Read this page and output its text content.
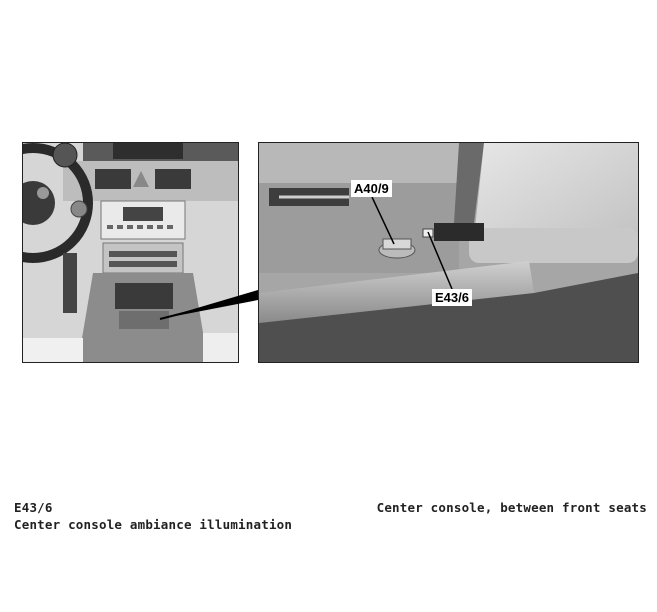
A40/9
E43/6
E43/6
Center console ambiance illumination
Center console, between front seats
